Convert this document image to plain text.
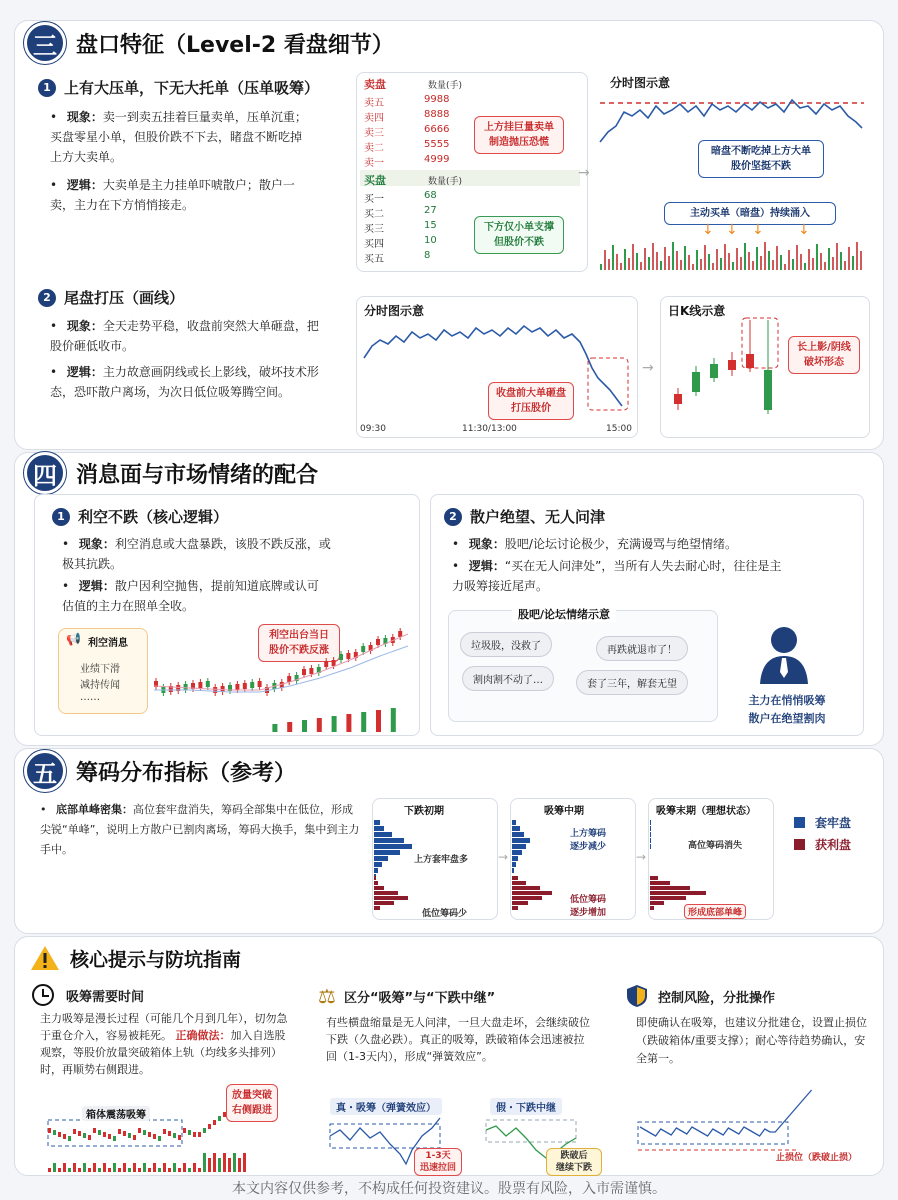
三 盘口特征（Level-2 看盘细节）
1 上有大压单，下无大托单（压单吸筹）
• 现象：卖一到卖五挂着巨量卖单，压单沉重；买盘零星小单，但股价跌不下去，睹盘不断吃掉上方大卖单。
• 逻辑：大卖单是主力挂单吓唬散户；散户一卖，主力在下方悄悄接走。
卖盘	数量(手)
卖五	9988
卖四	8888
卖三	6666
卖二	5555
卖一	4999
买盘	数量(手)
买一	68
买二	27
买三	15
买四	10
买五	8
上方挂巨量卖单
制造抛压恐慌
下方仅小单支撑
但股价不跌
分时图示意
暗盘不断吃掉上方大单
股价坚挺不跌
主动买单（暗盘）持续涌入
↓ ↓ ↓ ↓
→
2 尾盘打压（画线）
• 现象：全天走势平稳，收盘前突然大单砸盘，把股价砸低收市。
• 逻辑：主力故意画阴线或长上影线，破坏技术形态，恐吓散户离场，为次日低位吸筹腾空间。
分时图示意
收盘前大单砸盘
打压股价
09:30	11:30/13:00	15:00
→
日K线示意
长上影/阴线
破坏形态
四 消息面与市场情绪的配合
1 利空不跌（核心逻辑）
• 现象：利空消息或大盘暴跌，该股不跌反涨，或极其抗跌。
• 逻辑：散户因利空抛售，提前知道底牌或认可估值的主力在照单全收。
📢 利空消息
业绩下滑
减持传闻
……
利空出台当日
股价不跌反涨
2 散户绝望、无人问津
• 现象：股吧/论坛讨论极少，充满谩骂与绝望情绪。
• 逻辑：“买在无人问津处”，当所有人失去耐心时，往往是主力吸筹接近尾声。
股吧/论坛情绪示意
垃圾股，没救了	再跌就退市了！
割肉割不动了…	套了三年，解套无望
主力在悄悄吸筹
散户在绝望割肉
五 筹码分布指标（参考）
• 底部单峰密集：高位套牢盘消失，筹码全部集中在低位，形成尖锐“单峰”，说明上方散户已割肉离场，筹码大换手，集中到主力手中。
→	→
下跌初期	吸筹中期	吸筹末期（理想状态）
上方套牢盘多
低位筹码少
上方筹码
逐步减少
低位筹码
逐步增加
高位筹码消失
形成底部单峰
套牢盘
获利盘
核心提示与防坑指南
吸筹需要时间
主力吸筹是漫长过程（可能几个月到几年），切勿急于重仓介入，容易被耗死。 正确做法：加入自选股观察，等股价放量突破箱体上轨（均线多头排列）时，再顺势右侧跟进。
箱体震荡吸筹
放量突破
右侧跟进
⚖ 区分“吸筹”与“下跌中继”
有些横盘缩量是无人问津，一旦大盘走坏，会继续破位下跌（久盘必跌）。真正的吸筹，跌破箱体会迅速被拉回（1-3天内），形成“弹簧效应”。
真・吸筹（弹簧效应）	假・下跌中继
1-3天
迅速拉回
跌破后
继续下跌
控制风险，分批操作
即使确认在吸筹，也建议分批建仓，设置止损位（跌破箱体/重要支撑）；耐心等待趋势确认，安全第一。
止损位（跌破止损）
本文内容仅供参考，不构成任何投资建议。股票有风险，入市需谨慎。
